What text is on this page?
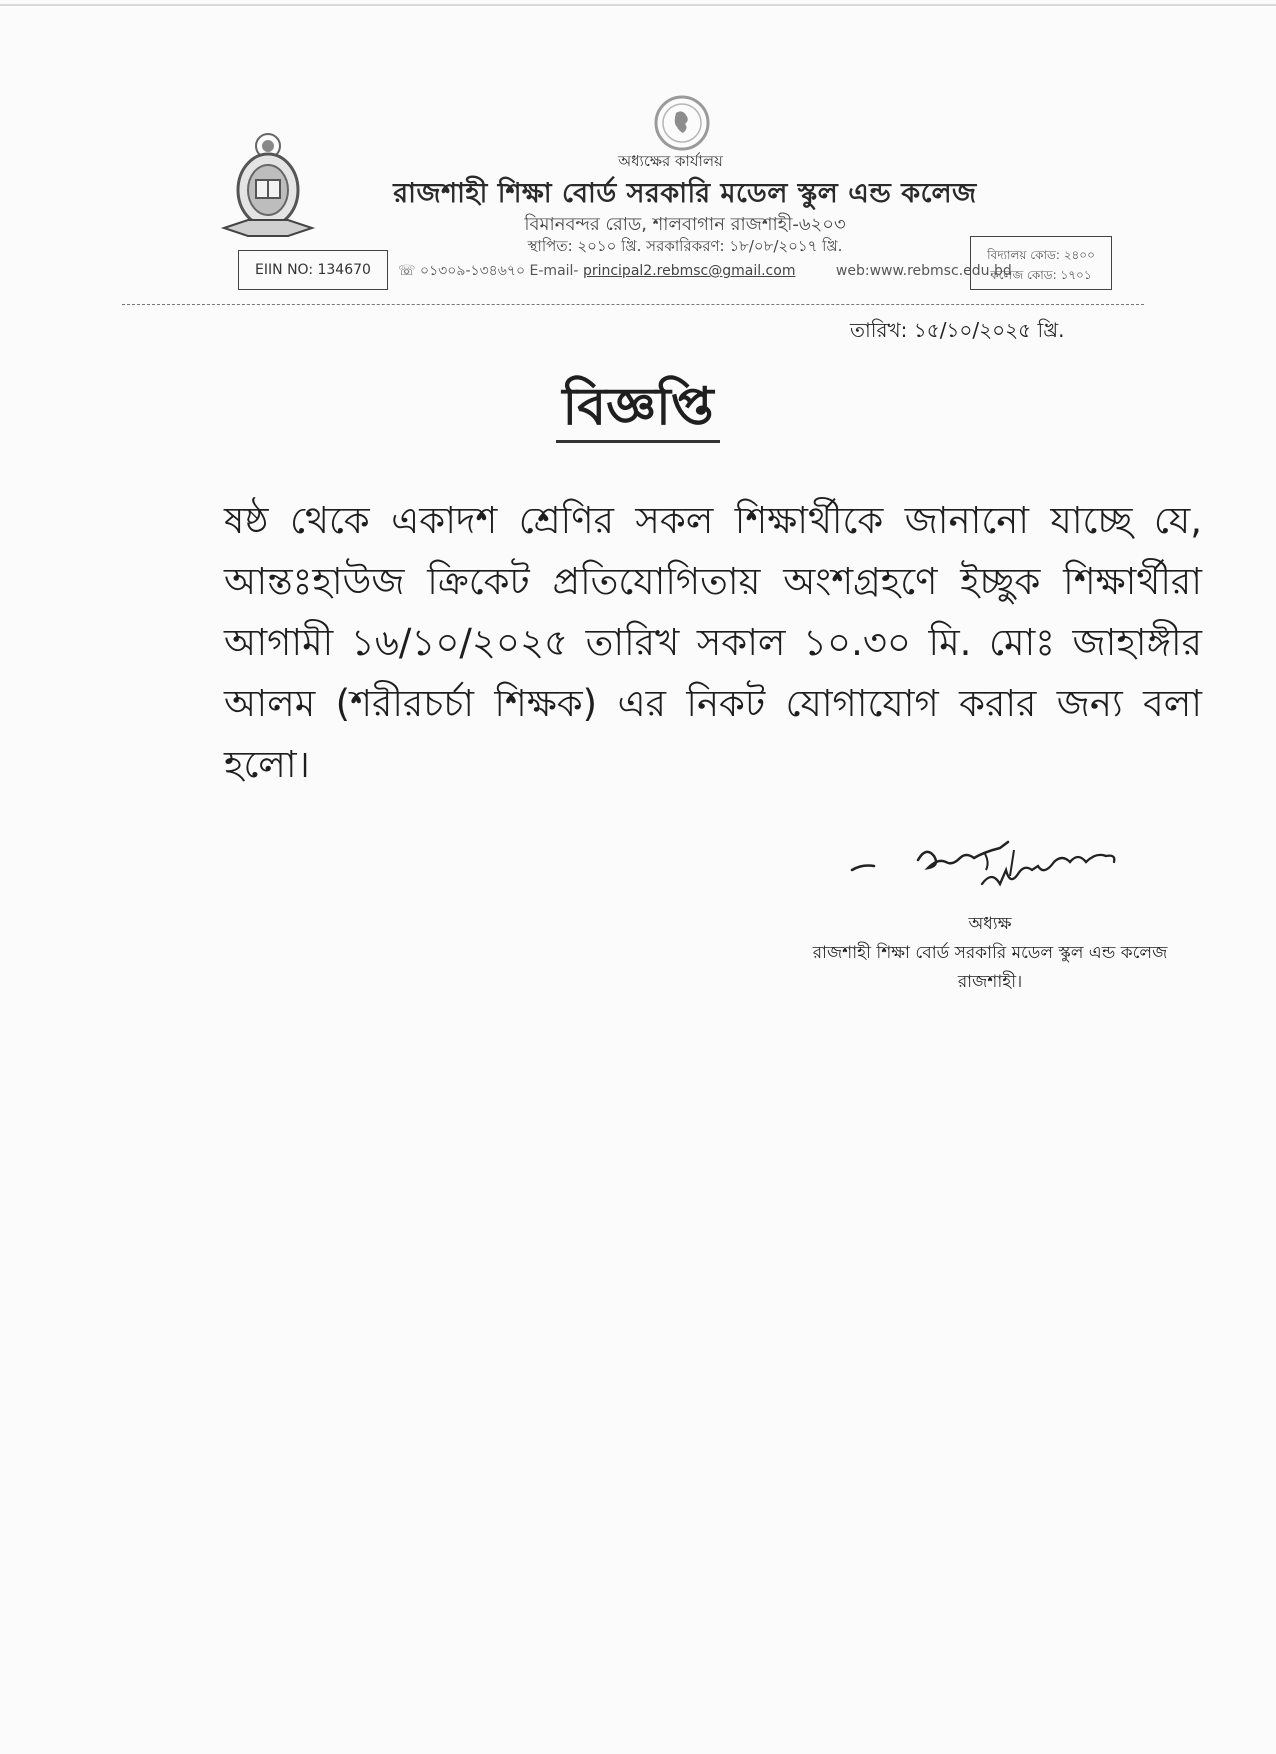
অধ্যক্ষের কার্যালয়
রাজশাহী শিক্ষা বোর্ড সরকারি মডেল স্কুল এন্ড কলেজ
বিমানবন্দর রোড, শালবাগান রাজশাহী-৬২০৩
স্থাপিত: ২০১০ খ্রি. সরকারিকরণ: ১৮/০৮/২০১৭ খ্রি.
EIIN NO: 134670 ☏ ০১৩০৯-১৩৪৬৭০ E-mail- principal2.rebmsc@gmail.com	web:www.rebmsc.edu.bd
বিদ্যালয় কোড: ২৪০০
কলেজ কোড: ১৭০১
তারিখ: ১৫/১০/২০২৫ খ্রি.
বিজ্ঞপ্তি
ষষ্ঠ থেকে একাদশ শ্রেণির সকল শিক্ষার্থীকে জানানো যাচ্ছে যে, আন্তঃহাউজ ক্রিকেট প্রতিযোগিতায় অংশগ্রহণে ইচ্ছুক শিক্ষার্থীরা আগামী ১৬/১০/২০২৫ তারিখ সকাল ১০.৩০ মি. মোঃ জাহাঙ্গীর আলম (শরীরচর্চা শিক্ষক) এর নিকট যোগাযোগ করার জন্য বলা হলো।
অধ্যক্ষ
রাজশাহী শিক্ষা বোর্ড সরকারি মডেল স্কুল এন্ড কলেজ
রাজশাহী।
